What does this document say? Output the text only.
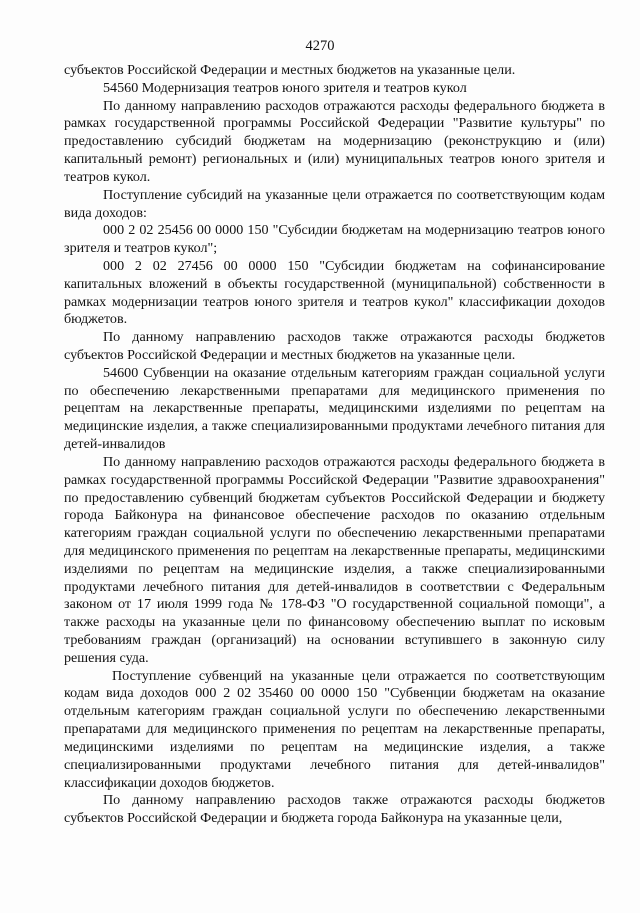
4270

субъектов Российской Федерации и местных бюджетов на указанные цели.

54560 Модернизация театров юного зрителя и театров кукол

По данному направлению расходов отражаются расходы федерального бюджета в рамках государственной программы Российской Федерации "Развитие культуры" по предоставлению субсидий бюджетам на модернизацию (реконструкцию и (или) капитальный ремонт) региональных и (или) муниципальных театров юного зрителя и театров кукол.

Поступление субсидий на указанные цели отражается по соответствующим кодам вида доходов:

000 2 02 25456 00 0000 150 "Субсидии бюджетам на модернизацию театров юного зрителя и театров кукол";

000 2 02 27456 00 0000 150 "Субсидии бюджетам на софинансирование капитальных вложений в объекты государственной (муниципальной) собственности в рамках модернизации театров юного зрителя и театров кукол" классификации доходов бюджетов.

По данному направлению расходов также отражаются расходы бюджетов субъектов Российской Федерации и местных бюджетов на указанные цели.

54600 Субвенции на оказание отдельным категориям граждан социальной услуги по обеспечению лекарственными препаратами для медицинского применения по рецептам на лекарственные препараты, медицинскими изделиями по рецептам на медицинские изделия, а также специализированными продуктами лечебного питания для детей-инвалидов

По данному направлению расходов отражаются расходы федерального бюджета в рамках государственной программы Российской Федерации "Развитие здравоохранения" по предоставлению субвенций бюджетам субъектов Российской Федерации и бюджету города Байконура на финансовое обеспечение расходов по оказанию отдельным категориям граждан социальной услуги по обеспечению лекарственными препаратами для медицинского применения по рецептам на лекарственные препараты, медицинскими изделиями по рецептам на медицинские изделия, а также специализированными продуктами лечебного питания для детей-инвалидов в соответствии с Федеральным законом от 17 июля 1999 года № 178-ФЗ "О государственной социальной помощи", а также расходы на указанные цели по финансовому обеспечению выплат по исковым требованиям граждан (организаций) на основании вступившего в законную силу решения суда.

Поступление субвенций на указанные цели отражается по соответствующим кодам вида доходов 000 2 02 35460 00 0000 150 "Субвенции бюджетам на оказание отдельным категориям граждан социальной услуги по обеспечению лекарственными препаратами для медицинского применения по рецептам на лекарственные препараты, медицинскими изделиями по рецептам на медицинские изделия, а также специализированными продуктами лечебного питания для детей-инвалидов" классификации доходов бюджетов.

По данному направлению расходов также отражаются расходы бюджетов субъектов Российской Федерации и бюджета города Байконура на указанные цели,
